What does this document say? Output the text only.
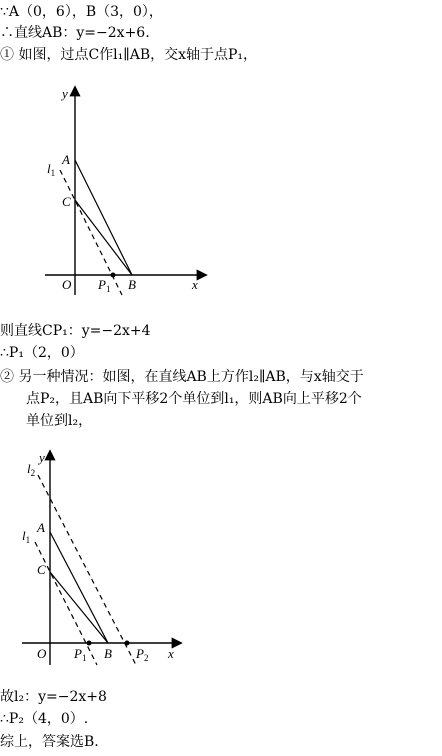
∵A（0，6），B（3，0），
∴直线AB：y=−2x+6.
① 如图，过点C作l₁∥AB，交x轴于点P₁，
y
$l_1$
A
C
O $P_1$ B	x
则直线CP₁：y=−2x+4
∴P₁（2，0）
② 另一种情况：如图，在直线AB上方作l₂∥AB，与x轴交于
点P₂，且AB向下平移2个单位到l₁，则AB向上平移2个
单位到l₂，
y
$l_2$
$l_1$
A
C
O $P_1$ B $P_2$ x
故l₂：y=−2x+8
∴P₂（4，0）.
综上，答案选B.
